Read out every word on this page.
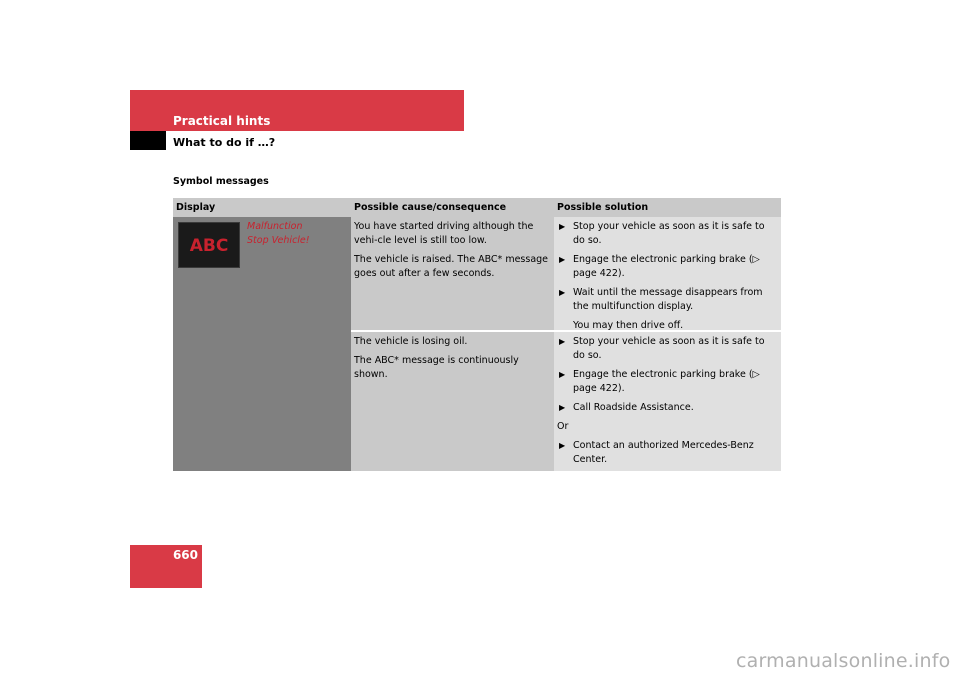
Practical hints
What to do if …?
Symbol messages
Display	Possible cause/consequence	Possible solution
ABC
Malfunction
Stop Vehicle!

You have started driving although the vehi-cle level is still too low.

The vehicle is raised. The ABC* message goes out after a few seconds.

▶ Stop your vehicle as soon as it is safe to do so.
▶ Engage the electronic parking brake (▷ page 422).
▶ Wait until the message disappears from the multifunction display.
You may then drive off.

The vehicle is losing oil.

The ABC* message is continuously shown.

▶ Stop your vehicle as soon as it is safe to do so.
▶ Engage the electronic parking brake (▷ page 422).
▶ Call Roadside Assistance.
Or
▶ Contact an authorized Mercedes-Benz Center.
660
carmanualsonline.info
